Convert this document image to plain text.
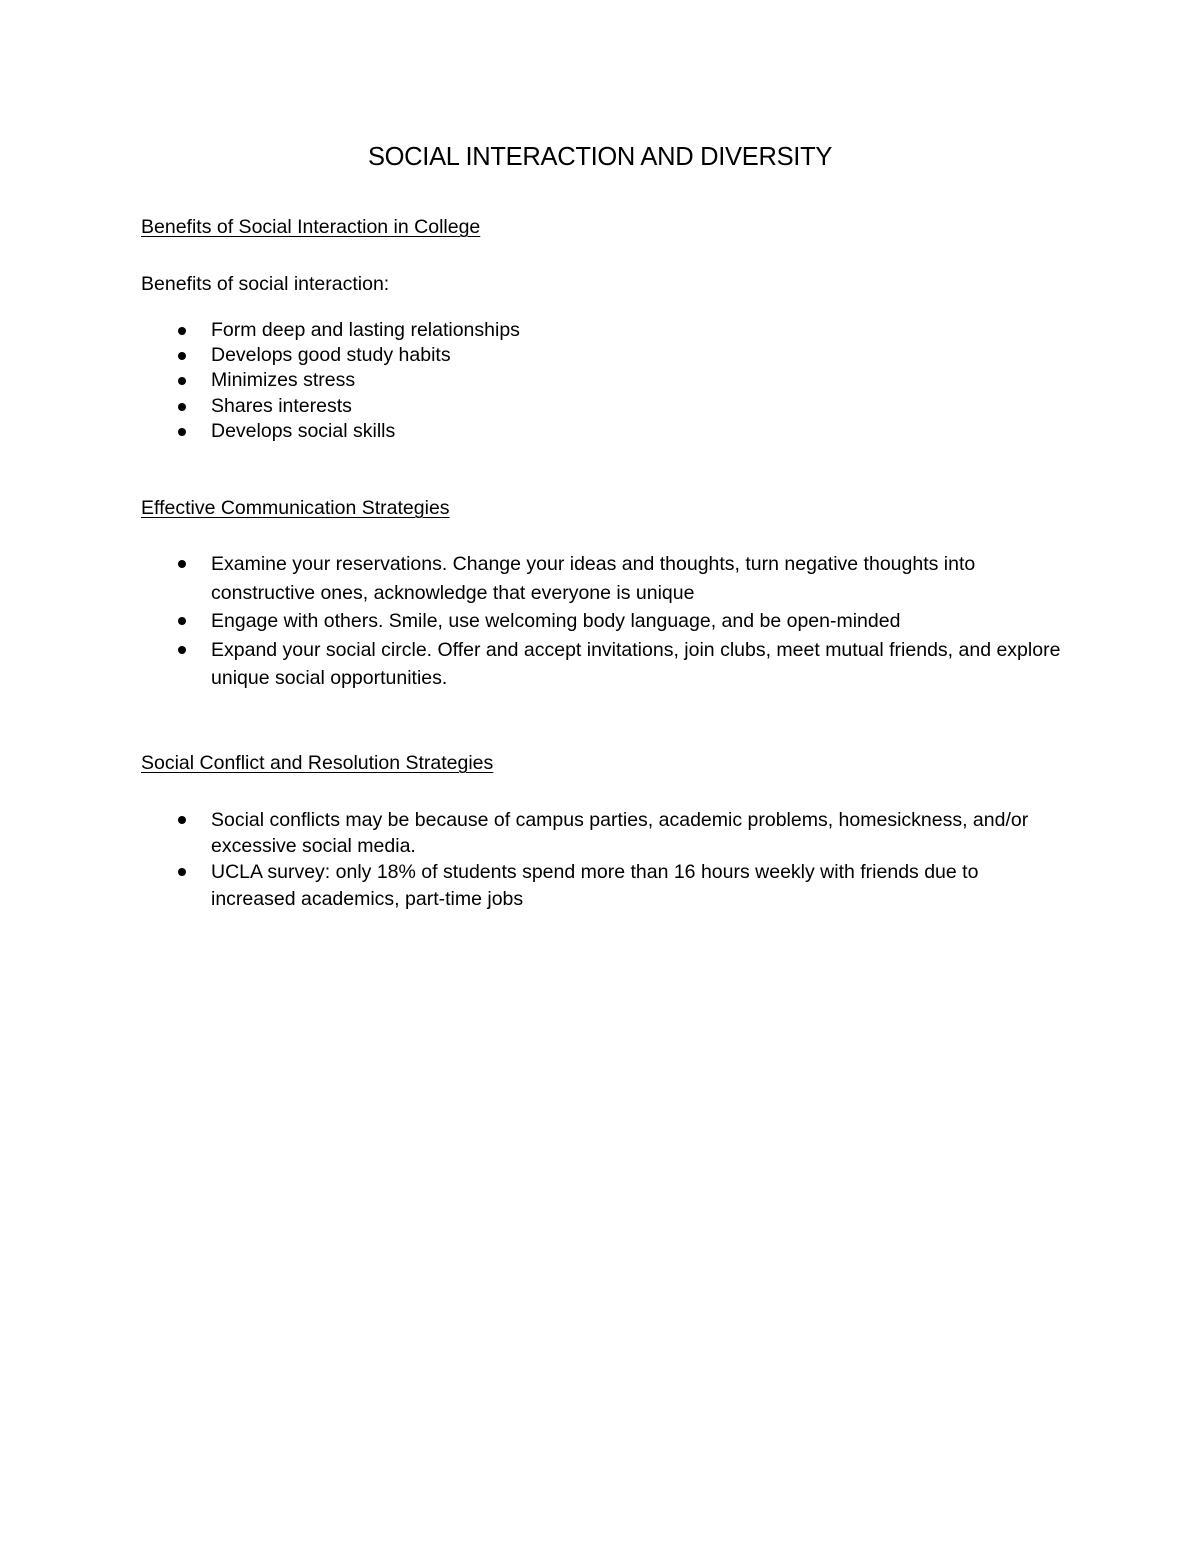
SOCIAL INTERACTION AND DIVERSITY
Benefits of Social Interaction in College
Benefits of social interaction:
Form deep and lasting relationships
Develops good study habits
Minimizes stress
Shares interests
Develops social skills
Effective Communication Strategies
Examine your reservations. Change your ideas and thoughts, turn negative thoughts into constructive ones, acknowledge that everyone is unique
Engage with others. Smile, use welcoming body language, and be open-minded
Expand your social circle. Offer and accept invitations, join clubs, meet mutual friends, and explore unique social opportunities.
Social Conflict and Resolution Strategies
Social conflicts may be because of campus parties, academic problems, homesickness, and/or excessive social media.
UCLA survey: only 18% of students spend more than 16 hours weekly with friends due to increased academics, part-time jobs
